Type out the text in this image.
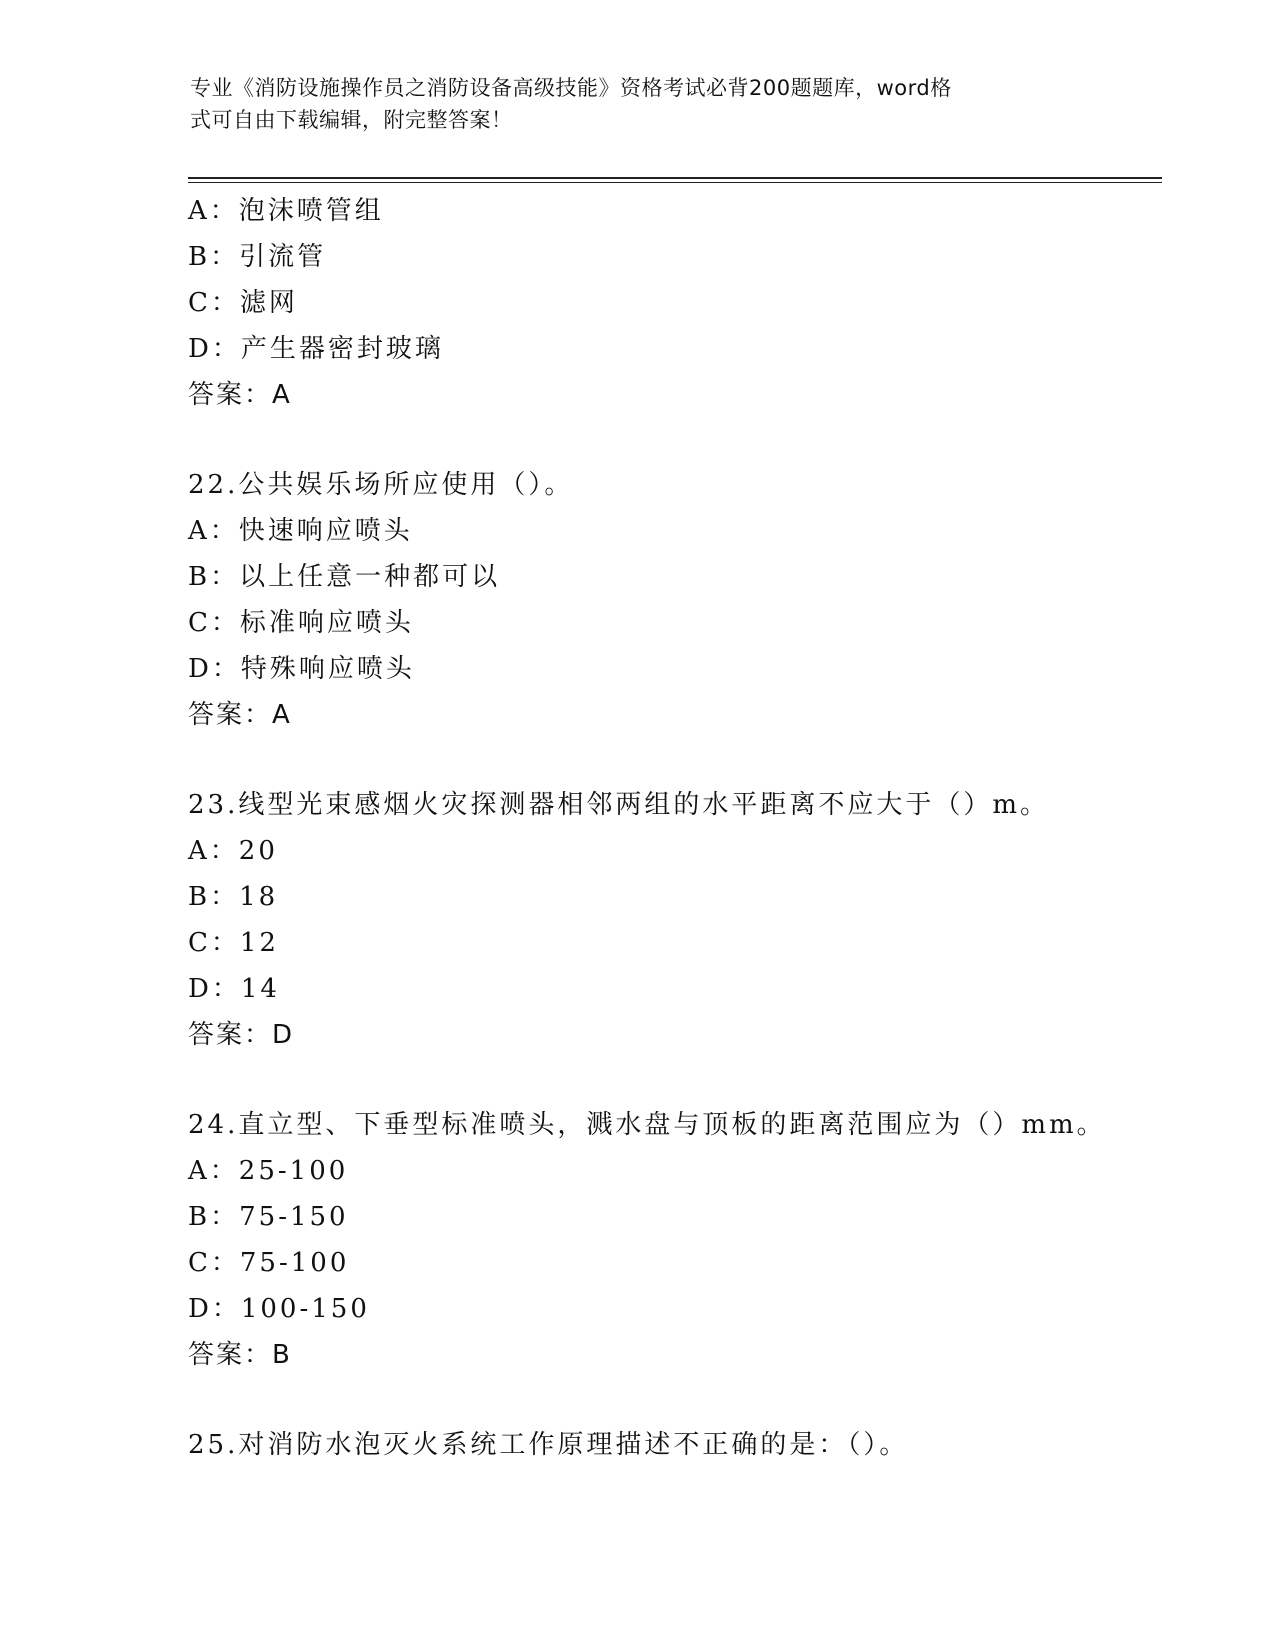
专业《消防设施操作员之消防设备高级技能》资格考试必背200题题库，word格
式可自由下载编辑，附完整答案！
A：泡沫喷管组
B：引流管
C：滤网
D：产生器密封玻璃
答案：A
22.公共娱乐场所应使用（）。
A：快速响应喷头
B：以上任意一种都可以
C：标准响应喷头
D：特殊响应喷头
答案：A
23.线型光束感烟火灾探测器相邻两组的水平距离不应大于（）m。
A：20
B：18
C：12
D：14
答案：D
24.直立型、下垂型标准喷头，溅水盘与顶板的距离范围应为（）mm。
A：25-100
B：75-150
C：75-100
D：100-150
答案：B
25.对消防水泡灭火系统工作原理描述不正确的是：（）。
